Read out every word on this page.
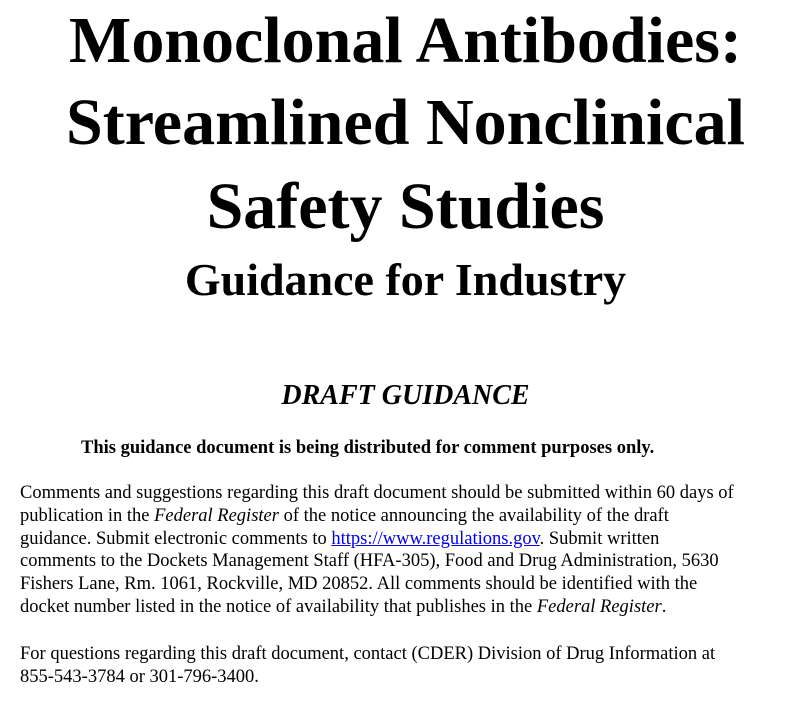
Monoclonal Antibodies:
Streamlined Nonclinical
Safety Studies
Guidance for Industry
DRAFT GUIDANCE

This guidance document is being distributed for comment purposes only.

Comments and suggestions regarding this draft document should be submitted within 60 days of
publication in the Federal Register of the notice announcing the availability of the draft
guidance. Submit electronic comments to https://www.regulations.gov. Submit written
comments to the Dockets Management Staff (HFA-305), Food and Drug Administration, 5630
Fishers Lane, Rm. 1061, Rockville, MD 20852. All comments should be identified with the
docket number listed in the notice of availability that publishes in the Federal Register.

For questions regarding this draft document, contact (CDER) Division of Drug Information at
855-543-3784 or 301-796-3400.
